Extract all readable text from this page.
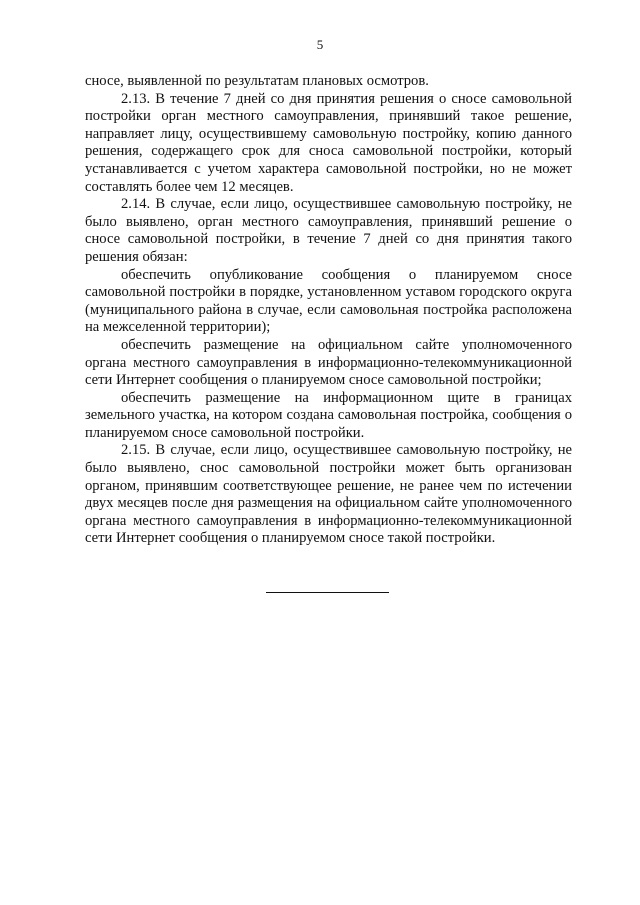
5

сносе, выявленной по результатам плановых осмотров.

2.13. В течение 7 дней со дня принятия решения о сносе самовольной постройки орган местного самоуправления, принявший такое решение, направляет лицу, осуществившему самовольную постройку, копию данного решения, содержащего срок для сноса самовольной постройки, который устанавливается с учетом характера самовольной постройки, но не может составлять более чем 12 месяцев.

2.14. В случае, если лицо, осуществившее самовольную постройку, не было выявлено, орган местного самоуправления, принявший решение о сносе самовольной постройки, в течение 7 дней со дня принятия такого решения обязан:

обеспечить опубликование сообщения о планируемом сносе самовольной постройки в порядке, установленном уставом городского округа (муниципального района в случае, если самовольная постройка расположена на межселенной территории);

обеспечить размещение на официальном сайте уполномоченного органа местного самоуправления в информационно-телекоммуникационной сети Интернет сообщения о планируемом сносе самовольной постройки;

обеспечить размещение на информационном щите в границах земельного участка, на котором создана самовольная постройка, сообщения о планируемом сносе самовольной постройки.

2.15. В случае, если лицо, осуществившее самовольную постройку, не было выявлено, снос самовольной постройки может быть организован органом, принявшим соответствующее решение, не ранее чем по истечении двух месяцев после дня размещения на официальном сайте уполномоченного органа местного самоуправления в информационно-телекоммуникационной сети Интернет сообщения о планируемом сносе такой постройки.
